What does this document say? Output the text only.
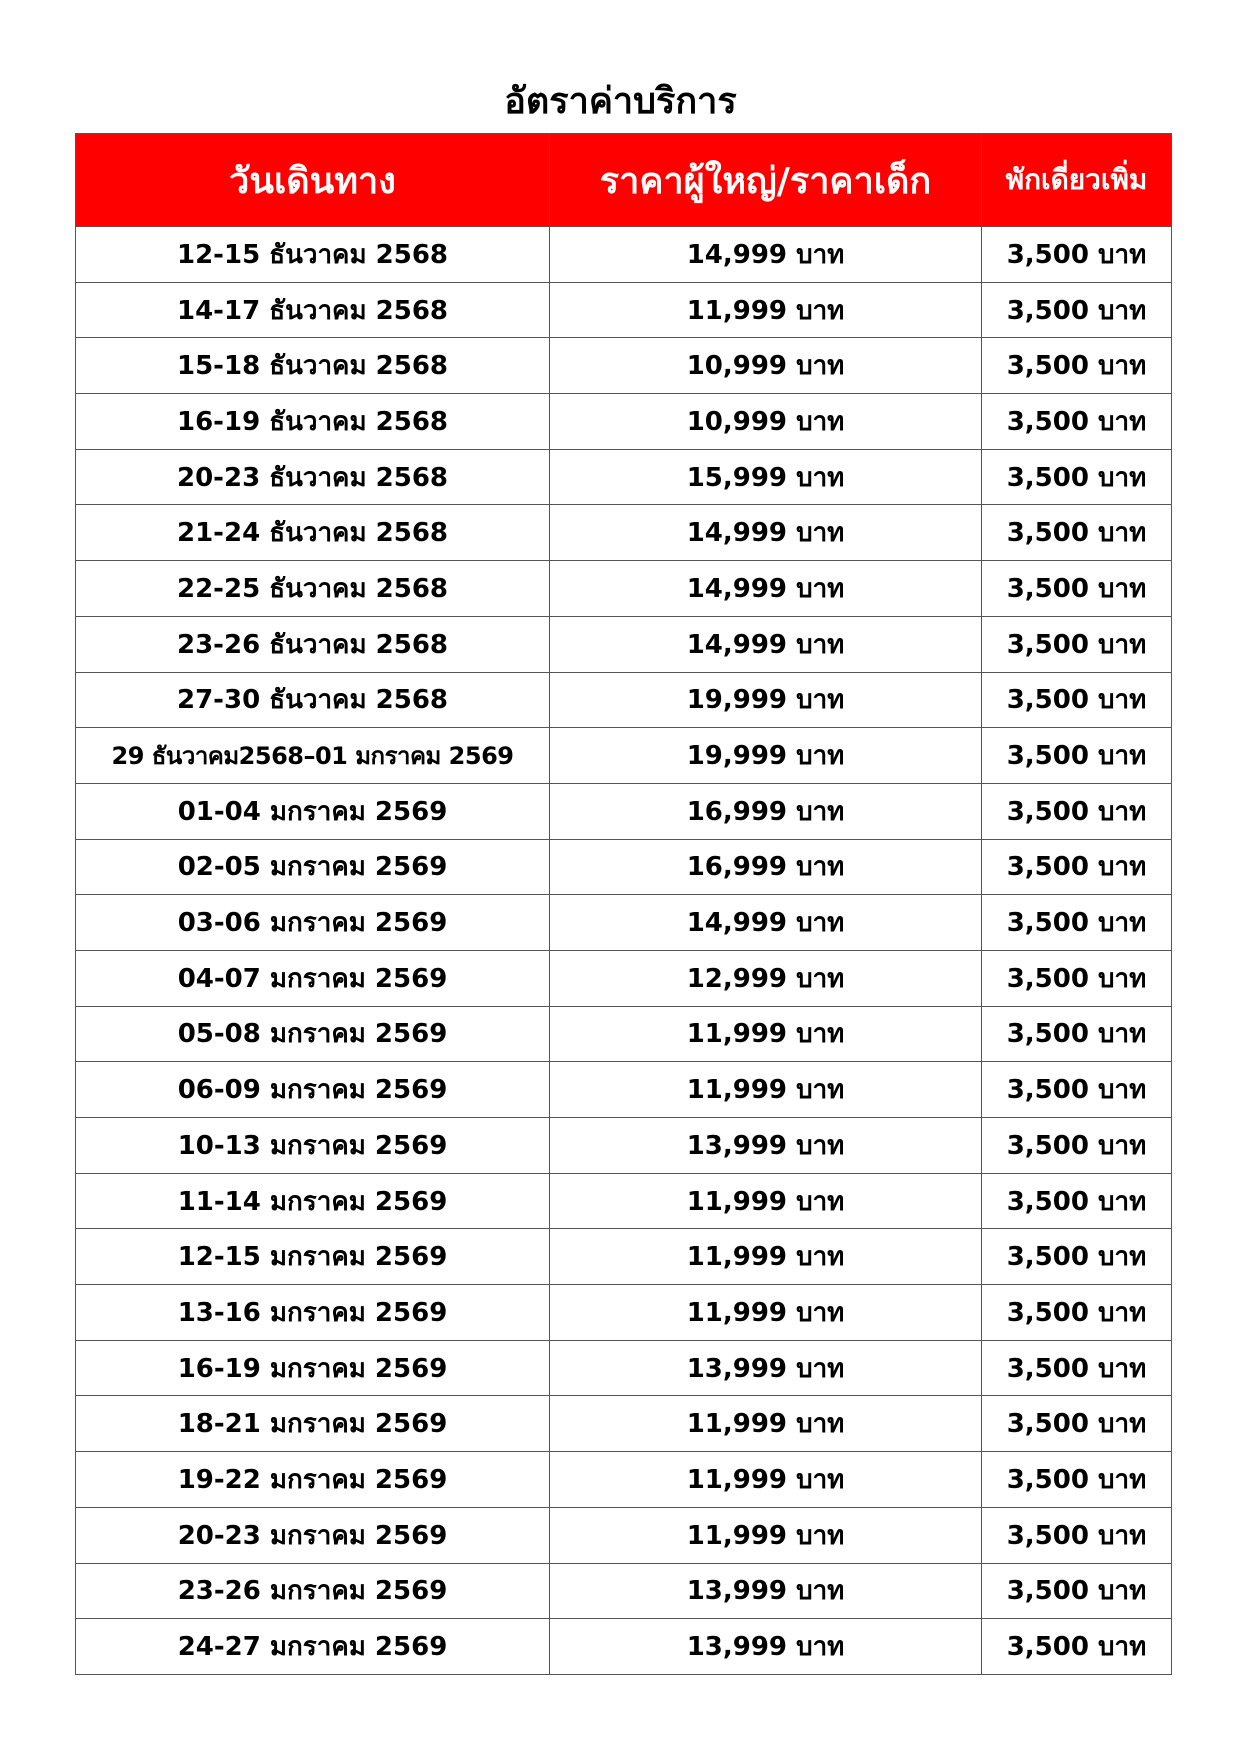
อัตราค่าบริการ
วันเดินทาง	ราคาผู้ใหญ่/ราคาเด็ก	พักเดี่ยวเพิ่ม
12-15 ธันวาคม 2568	14,999 บาท	3,500 บาท
14-17 ธันวาคม 2568	11,999 บาท	3,500 บาท
15-18 ธันวาคม 2568	10,999 บาท	3,500 บาท
16-19 ธันวาคม 2568	10,999 บาท	3,500 บาท
20-23 ธันวาคม 2568	15,999 บาท	3,500 บาท
21-24 ธันวาคม 2568	14,999 บาท	3,500 บาท
22-25 ธันวาคม 2568	14,999 บาท	3,500 บาท
23-26 ธันวาคม 2568	14,999 บาท	3,500 บาท
27-30 ธันวาคม 2568	19,999 บาท	3,500 บาท
29 ธันวาคม2568–01 มกราคม 2569	19,999 บาท	3,500 บาท
01-04 มกราคม 2569	16,999 บาท	3,500 บาท
02-05 มกราคม 2569	16,999 บาท	3,500 บาท
03-06 มกราคม 2569	14,999 บาท	3,500 บาท
04-07 มกราคม 2569	12,999 บาท	3,500 บาท
05-08 มกราคม 2569	11,999 บาท	3,500 บาท
06-09 มกราคม 2569	11,999 บาท	3,500 บาท
10-13 มกราคม 2569	13,999 บาท	3,500 บาท
11-14 มกราคม 2569	11,999 บาท	3,500 บาท
12-15 มกราคม 2569	11,999 บาท	3,500 บาท
13-16 มกราคม 2569	11,999 บาท	3,500 บาท
16-19 มกราคม 2569	13,999 บาท	3,500 บาท
18-21 มกราคม 2569	11,999 บาท	3,500 บาท
19-22 มกราคม 2569	11,999 บาท	3,500 บาท
20-23 มกราคม 2569	11,999 บาท	3,500 บาท
23-26 มกราคม 2569	13,999 บาท	3,500 บาท
24-27 มกราคม 2569	13,999 บาท	3,500 บาท
